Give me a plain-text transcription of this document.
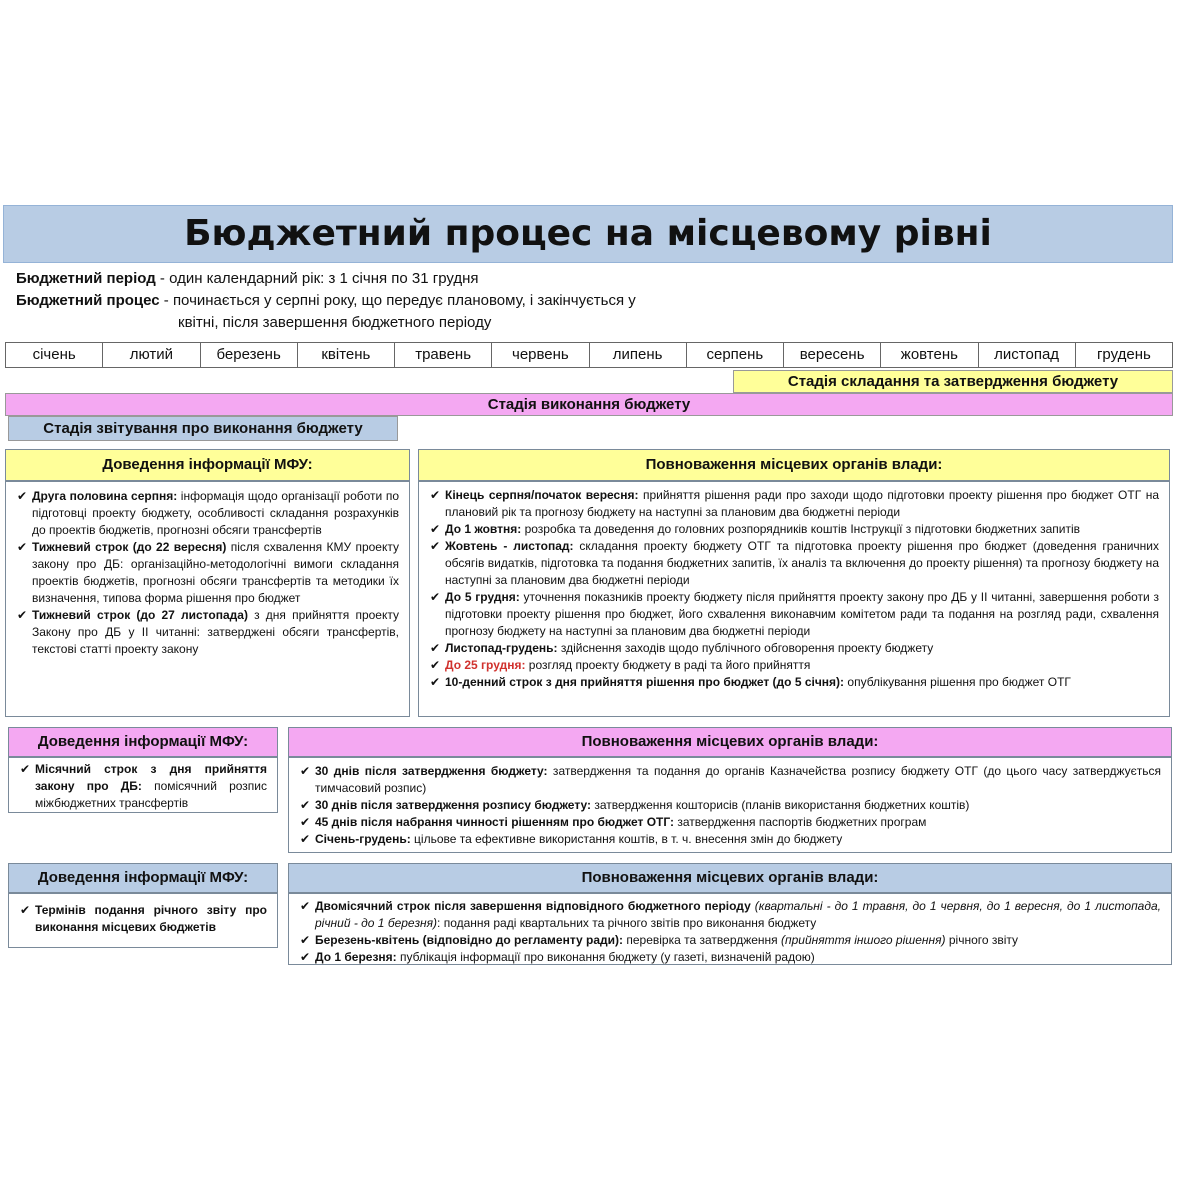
Бюджетний процес на місцевому рівні
Бюджетний період - один календарний рік: з 1 січня по 31 грудня
Бюджетний процес - починається у серпні року, що передує плановому, і закінчується у
квітні, після завершення бюджетного періоду
січень	лютий	березень	квітень	травень	червень	липень	серпень	вересень	жовтень	листопад	грудень
Стадія складання та затвердження бюджету
Стадія виконання бюджету
Стадія звітування про виконання бюджету
Доведення інформації МФУ:
✔ Друга половина серпня: інформація щодо організації роботи по підготовці проекту бюджету, особливості складання розрахунків до проектів бюджетів, прогнозні обсяги трансфертів
✔ Тижневий строк (до 22 вересня) після схвалення КМУ проекту закону про ДБ: організаційно-методологічні вимоги складання проектів бюджетів, прогнозні обсяги трансфертів та методики їх визначення, типова форма рішення про бюджет
✔ Тижневий строк (до 27 листопада) з дня прийняття проекту Закону про ДБ у ІІ читанні: затверджені обсяги трансфертів, текстові статті проекту закону
Повноваження місцевих органів влади:
✔ Кінець серпня/початок вересня: прийняття рішення ради про заходи щодо підготовки проекту рішення про бюджет ОТГ на плановий рік та прогнозу бюджету на наступні за плановим два бюджетні періоди
✔ До 1 жовтня: розробка та доведення до головних розпорядників коштів Інструкції з підготовки бюджетних запитів
✔ Жовтень - листопад: складання проекту бюджету ОТГ та підготовка проекту рішення про бюджет (доведення граничних обсягів видатків, підготовка та подання бюджетних запитів, їх аналіз та включення до проекту рішення) та прогнозу бюджету на наступні за плановим два бюджетні періоди
✔ До 5 грудня: уточнення показників проекту бюджету після прийняття проекту закону про ДБ у ІІ читанні, завершення роботи з підготовки проекту рішення про бюджет, його схвалення виконавчим комітетом ради та подання на розгляд ради, схвалення прогнозу бюджету на наступні за плановим два бюджетні періоди
✔ Листопад-грудень: здійснення заходів щодо публічного обговорення проекту бюджету
✔ До 25 грудня: розгляд проекту бюджету в раді та його прийняття
✔ 10-денний строк з дня прийняття рішення про бюджет (до 5 січня): опублікування рішення про бюджет ОТГ
Доведення інформації МФУ:
✔ Місячний строк з дня прийняття закону про ДБ: помісячний розпис міжбюджетних трансфертів
Повноваження місцевих органів влади:
✔ 30 днів після затвердження бюджету: затвердження та подання до органів Казначейства розпису бюджету ОТГ (до цього часу затверджується тимчасовий розпис)
✔ 30 днів після затвердження розпису бюджету: затвердження кошторисів (планів використання бюджетних коштів)
✔ 45 днів після набрання чинності рішенням про бюджет ОТГ: затвердження паспортів бюджетних програм
✔ Січень-грудень: цільове та ефективне використання коштів, в т. ч. внесення змін до бюджету
Доведення інформації МФУ:
✔ Термінів подання річного звіту про виконання місцевих бюджетів
Повноваження місцевих органів влади:
✔ Двомісячний строк після завершення відповідного бюджетного періоду (квартальні - до 1 травня, до 1 червня, до 1 вересня, до 1 листопада, річний - до 1 березня): подання раді квартальних та річного звітів про виконання бюджету
✔ Березень-квітень (відповідно до регламенту ради): перевірка та затвердження (прийняття іншого рішення) річного звіту
✔ До 1 березня: публікація інформації про виконання бюджету (у газеті, визначеній радою)
